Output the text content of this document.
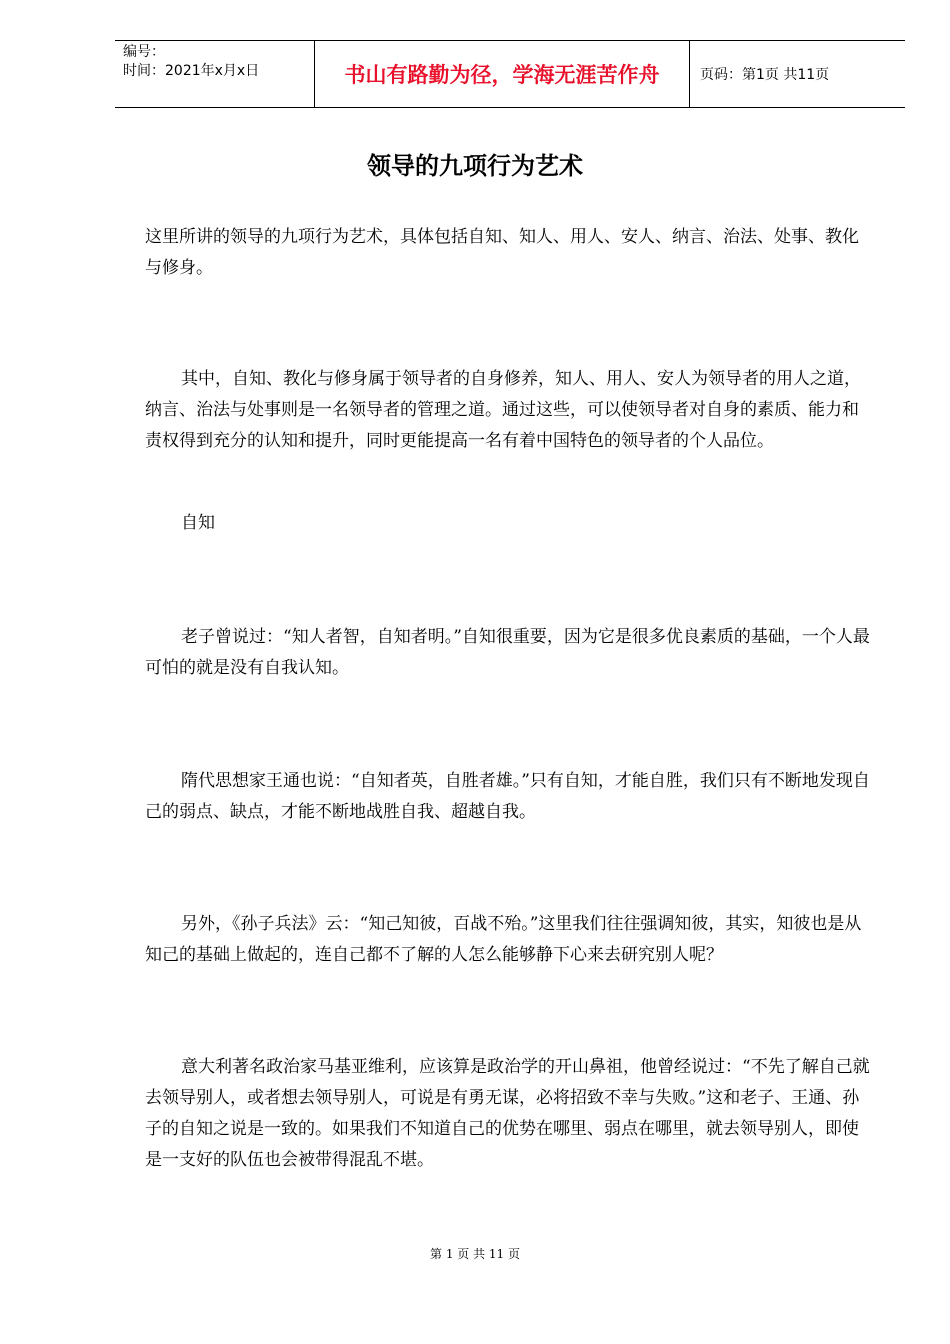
编号：
时间：2021年x月x日	书山有路勤为径，学海无涯苦作舟	页码：第1页 共11页
领导的九项行为艺术

这里所讲的领导的九项行为艺术，具体包括自知、知人、用人、安人、纳言、治法、处事、教化与修身。

其中，自知、教化与修身属于领导者的自身修养，知人、用人、安人为领导者的用人之道，纳言、治法与处事则是一名领导者的管理之道。通过这些，可以使领导者对自身的素质、能力和责权得到充分的认知和提升，同时更能提高一名有着中国特色的领导者的个人品位。

自知

老子曾说过：“知人者智，自知者明。”自知很重要，因为它是很多优良素质的基础，一个人最可怕的就是没有自我认知。

隋代思想家王通也说：“自知者英，自胜者雄。”只有自知，才能自胜，我们只有不断地发现自己的弱点、缺点，才能不断地战胜自我、超越自我。

另外，《孙子兵法》云：“知己知彼，百战不殆。”这里我们往往强调知彼，其实，知彼也是从知己的基础上做起的，连自己都不了解的人怎么能够静下心来去研究别人呢？

意大利著名政治家马基亚维利，应该算是政治学的开山鼻祖，他曾经说过：“不先了解自己就去领导别人，或者想去领导别人，可说是有勇无谋，必将招致不幸与失败。”这和老子、王通、孙子的自知之说是一致的。如果我们不知道自己的优势在哪里、弱点在哪里，就去领导别人，即使是一支好的队伍也会被带得混乱不堪。

第 1 页 共 11 页
